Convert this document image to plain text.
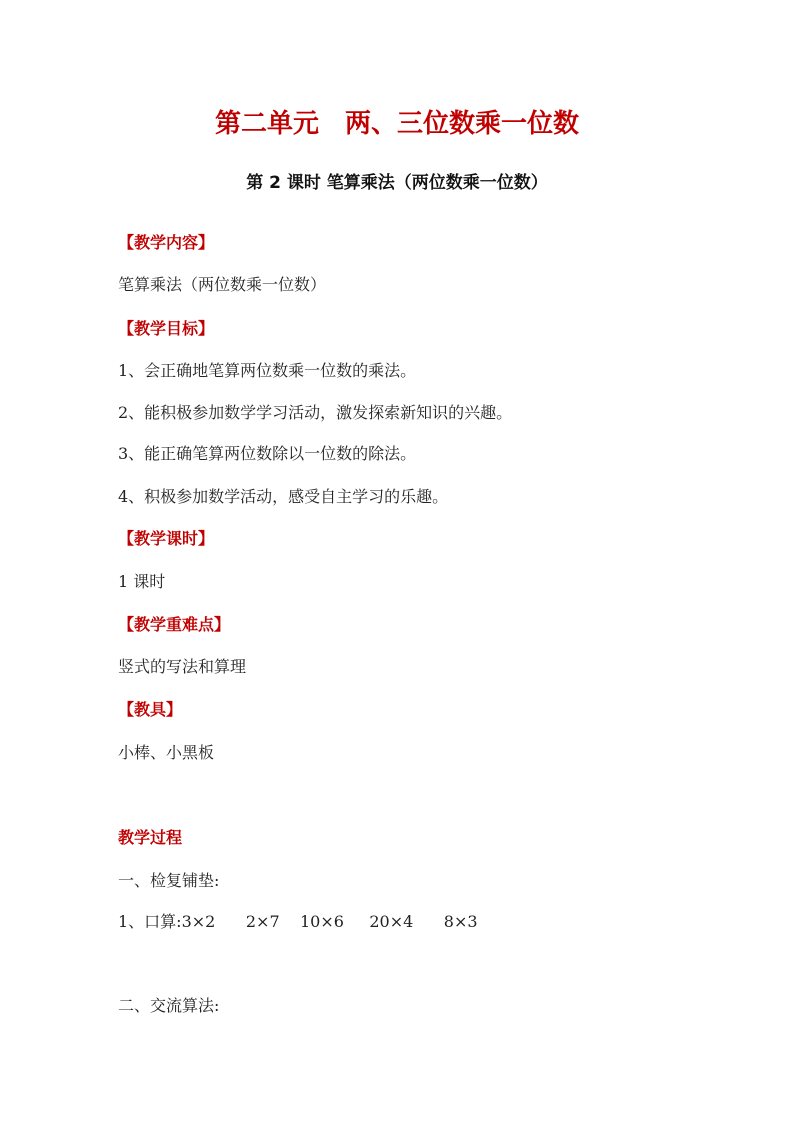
第二单元　两、三位数乘一位数
第 2 课时 笔算乘法（两位数乘一位数）
【教学内容】
笔算乘法（两位数乘一位数）
【教学目标】
1、会正确地笔算两位数乘一位数的乘法。
2、能积极参加数学学习活动，激发探索新知识的兴趣。
3、能正确笔算两位数除以一位数的除法。
4、积极参加数学活动，感受自主学习的乐趣。
【教学课时】
1 课时
【教学重难点】
竖式的写法和算理
【教具】
小棒、小黑板
教学过程
一、检复铺垫:
1、口算:3×2      2×7    10×6     20×4      8×3
二、交流算法:
